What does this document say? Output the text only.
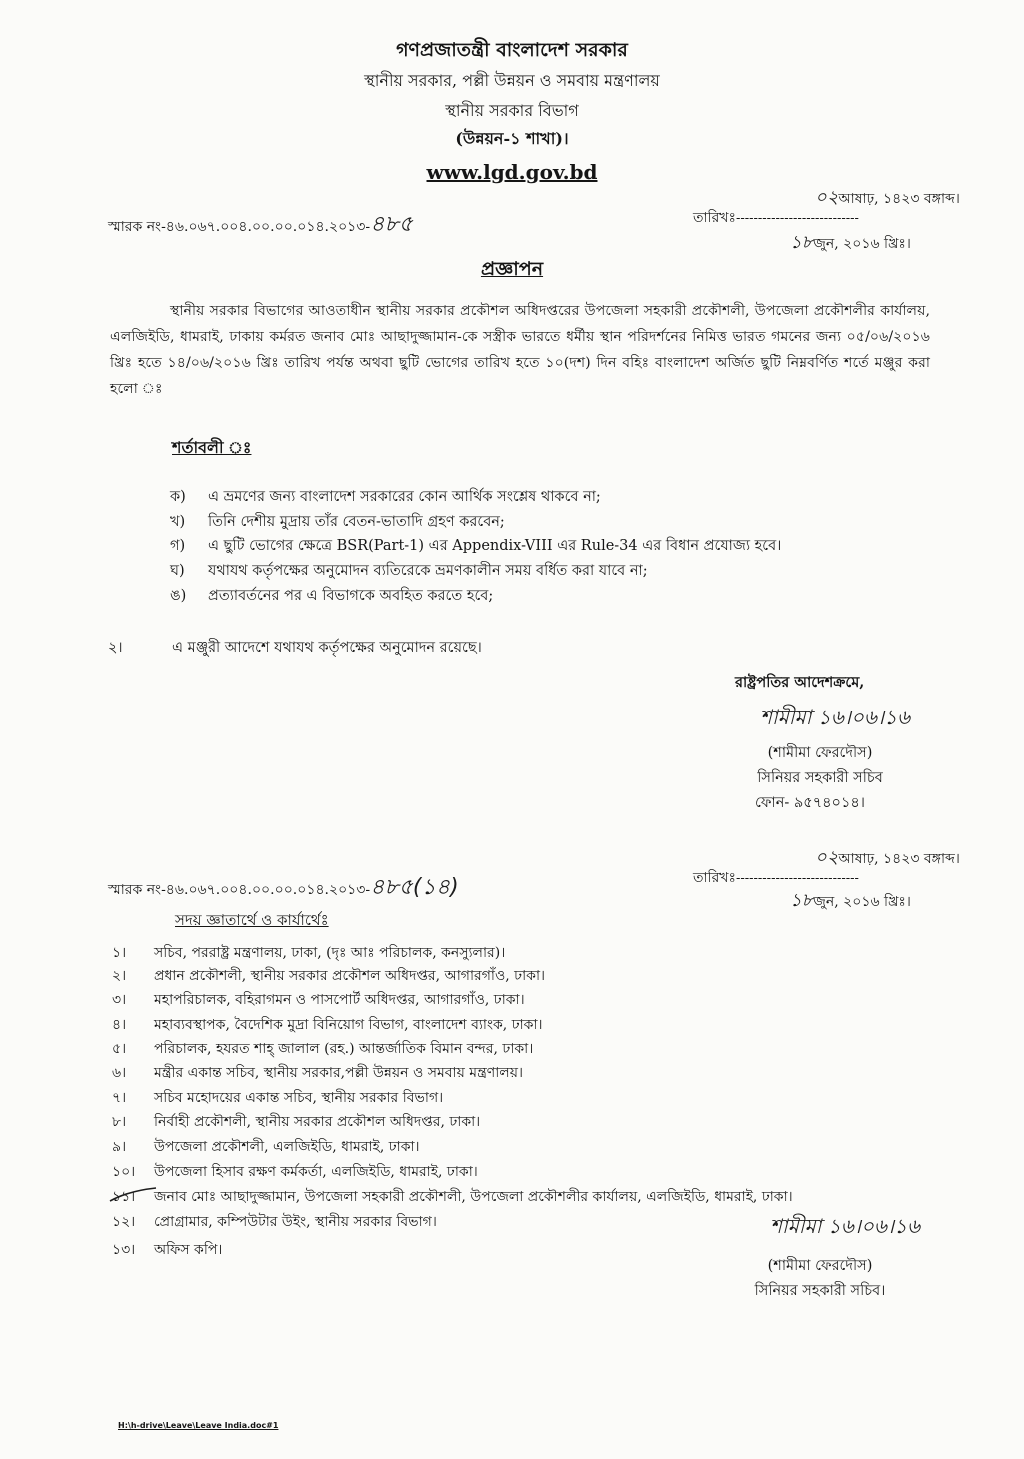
গণপ্রজাতন্ত্রী বাংলাদেশ সরকার
স্থানীয় সরকার, পল্লী উন্নয়ন ও সমবায় মন্ত্রণালয়
স্থানীয় সরকার বিভাগ
(উন্নয়ন-১ শাখা)।
www.lgd.gov.bd
স্মারক নং-৪৬.০৬৭.০০৪.০০.০০.০১৪.২০১৩-৪৮৫
০২আষাঢ়, ১৪২৩ বঙ্গাব্দ।
তারিখঃ----------------------------
১৮জুন, ২০১৬ খ্রিঃ।
প্রজ্ঞাপন
স্থানীয় সরকার বিভাগের আওতাধীন স্থানীয় সরকার প্রকৌশল অধিদপ্তরের উপজেলা সহকারী প্রকৌশলী, উপজেলা প্রকৌশলীর কার্যালয়, এলজিইডি, ধামরাই, ঢাকায় কর্মরত জনাব মোঃ আছাদুজ্জামান-কে সস্ত্রীক ভারতে ধর্মীয় স্থান পরিদর্শনের নিমিত্ত ভারত গমনের জন্য ০৫/০৬/২০১৬ খ্রিঃ হতে ১৪/০৬/২০১৬ খ্রিঃ তারিখ পর্যন্ত অথবা ছুটি ভোগের তারিখ হতে ১০(দশ) দিন বহিঃ বাংলাদেশ অর্জিত ছুটি নিম্নবর্ণিত শর্তে মঞ্জুর করা হলো ঃ
শর্তাবলী ঃ
ক) এ ভ্রমণের জন্য বাংলাদেশ সরকারের কোন আর্থিক সংশ্লেষ থাকবে না;
খ) তিনি দেশীয় মুদ্রায় তাঁর বেতন-ভাতাদি গ্রহণ করবেন;
গ) এ ছুটি ভোগের ক্ষেত্রে BSR(Part-1) এর Appendix-VIII এর Rule-34 এর বিধান প্রযোজ্য হবে।
ঘ) যথাযথ কর্তৃপক্ষের অনুমোদন ব্যতিরেকে ভ্রমণকালীন সময় বর্ধিত করা যাবে না;
ঙ) প্রত্যাবর্তনের পর এ বিভাগকে অবহিত করতে হবে;
২।	এ মঞ্জুরী আদেশে যথাযথ কর্তৃপক্ষের অনুমোদন রয়েছে।
রাষ্ট্রপতির আদেশক্রমে,
শামীমা ১৬।০৬।১৬
(শামীমা ফেরদৌস)
সিনিয়র সহকারী সচিব
ফোন- ৯৫৭৪০১৪।
স্মারক নং-৪৬.০৬৭.০০৪.০০.০০.০১৪.২০১৩-৪৮৫(১৪)
০২আষাঢ়, ১৪২৩ বঙ্গাব্দ।
তারিখঃ----------------------------
১৮জুন, ২০১৬ খ্রিঃ।
সদয় জ্ঞাতার্থে ও কার্যার্থেঃ
১। সচিব, পররাষ্ট্র মন্ত্রণালয়, ঢাকা, (দৃঃ আঃ পরিচালক, কনস্যুলার)।
২। প্রধান প্রকৌশলী, স্থানীয় সরকার প্রকৌশল অধিদপ্তর, আগারগাঁও, ঢাকা।
৩। মহাপরিচালক, বহিরাগমন ও পাসপোর্ট অধিদপ্তর, আগারগাঁও, ঢাকা।
৪। মহাব্যবস্থাপক, বৈদেশিক মুদ্রা বিনিয়োগ বিভাগ, বাংলাদেশ ব্যাংক, ঢাকা।
৫। পরিচালক, হযরত শাহ্‌ জালাল (রহ.) আন্তর্জাতিক বিমান বন্দর, ঢাকা।
৬। মন্ত্রীর একান্ত সচিব, স্থানীয় সরকার,পল্লী উন্নয়ন ও সমবায় মন্ত্রণালয়।
৭। সচিব মহোদয়ের একান্ত সচিব, স্থানীয় সরকার বিভাগ।
৮। নির্বাহী প্রকৌশলী, স্থানীয় সরকার প্রকৌশল অধিদপ্তর, ঢাকা।
৯। উপজেলা প্রকৌশলী, এলজিইডি, ধামরাই, ঢাকা।
১০। উপজেলা হিসাব রক্ষণ কর্মকর্তা, এলজিইডি, ধামরাই, ঢাকা।
১১। জনাব মোঃ আছাদুজ্জামান, উপজেলা সহকারী প্রকৌশলী, উপজেলা প্রকৌশলীর কার্যালয়, এলজিইডি, ধামরাই, ঢাকা।
১২। প্রোগ্রামার, কম্পিউটার উইং, স্থানীয় সরকার বিভাগ।
১৩। অফিস কপি।
শামীমা ১৬।০৬।১৬
(শামীমা ফেরদৌস)
সিনিয়র সহকারী সচিব।
H:\h-drive\Leave\Leave India.doc#1
